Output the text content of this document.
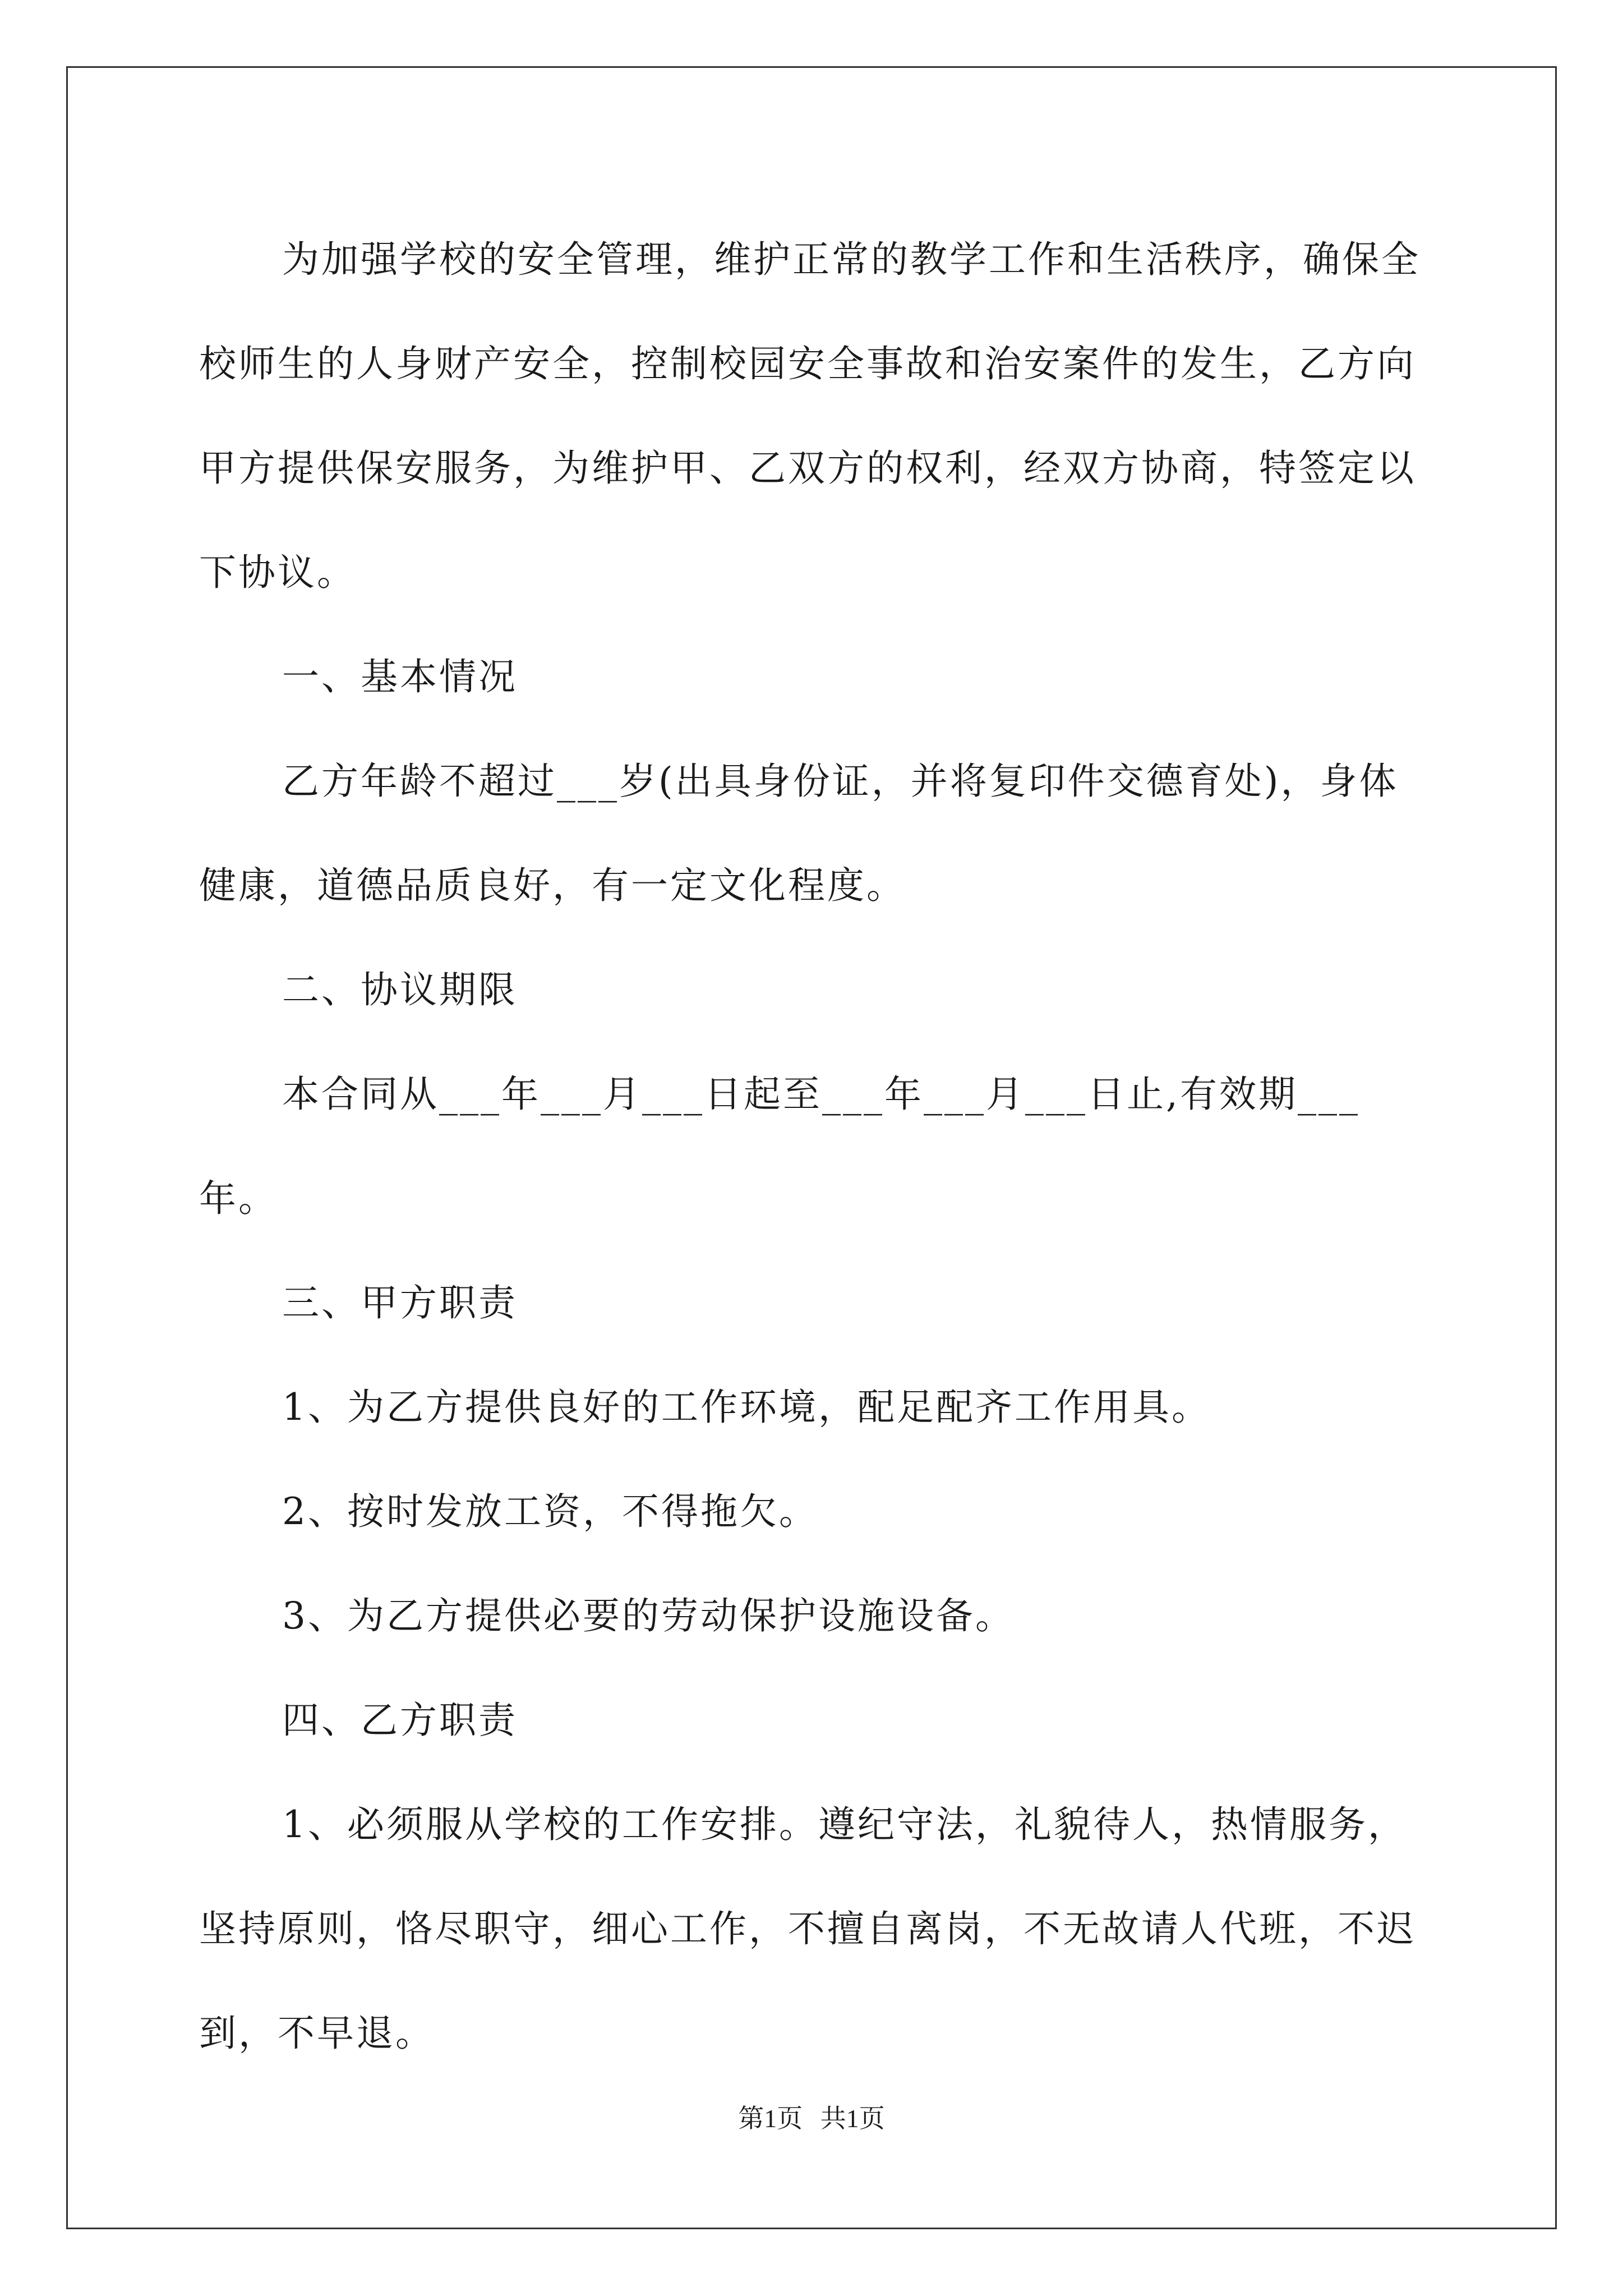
为加强学校的安全管理，维护正常的教学工作和生活秩序，确保全校师生的人身财产安全，控制校园安全事故和治安案件的发生，乙方向甲方提供保安服务，为维护甲、乙双方的权利，经双方协商，特签定以下协议。

一、基本情况

乙方年龄不超过___岁(出具身份证，并将复印件交德育处)，身体健康，道德品质良好，有一定文化程度。

二、协议期限

本合同从___年___月___日起至___年___月___日止,有效期___年。

三、甲方职责

1、为乙方提供良好的工作环境，配足配齐工作用具。

2、按时发放工资，不得拖欠。

3、为乙方提供必要的劳动保护设施设备。

四、乙方职责

1、必须服从学校的工作安排。遵纪守法，礼貌待人，热情服务，坚持原则，恪尽职守，细心工作，不擅自离岗，不无故请人代班，不迟到，不早退。

第1页 共1页
